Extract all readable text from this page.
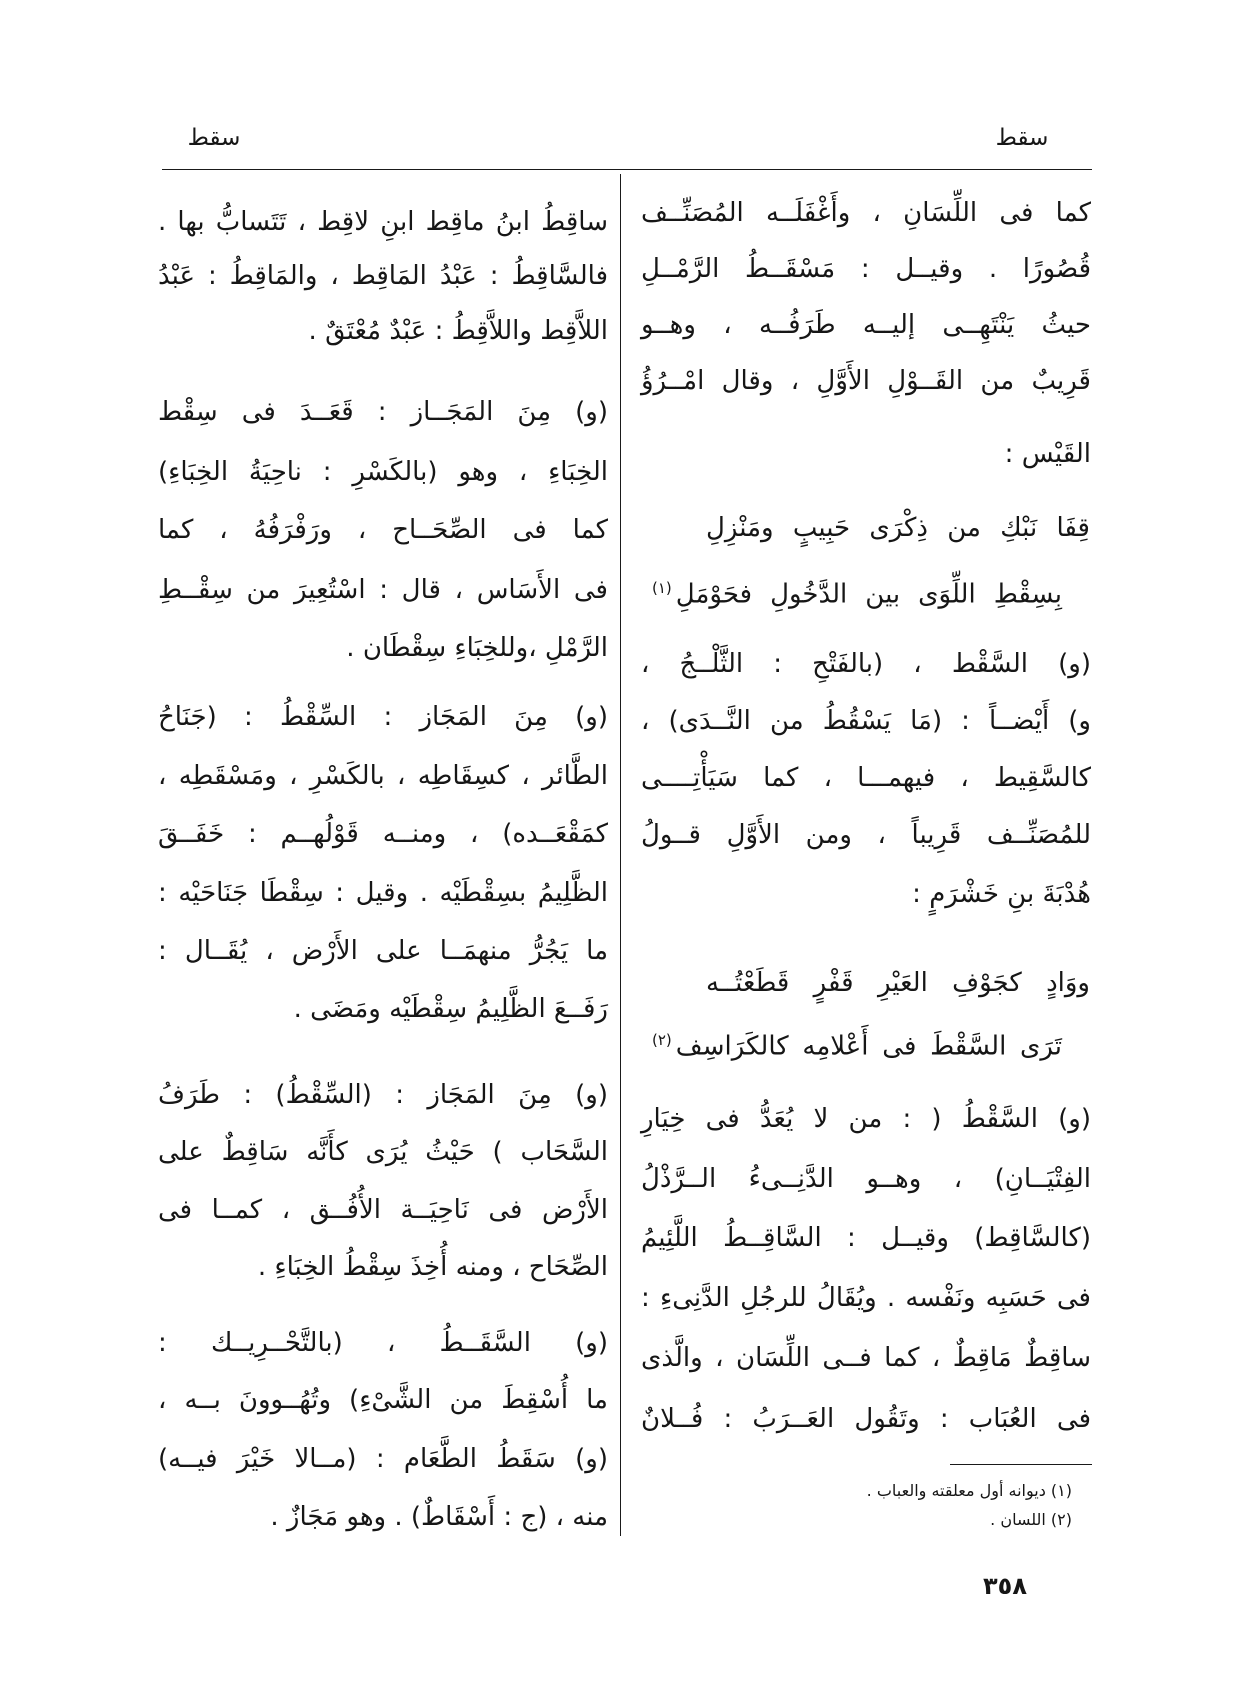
سقط
سقط
كما فى اللِّسَانِ ، وأَغْفَلَــه المُصَنِّــف
قُصُورًا . وقيــل : مَسْقَــطُ الرَّمْــلِ
حيثُ يَنْتَهِــى إليــه طَرَفُــه ، وهــو
قَرِيبٌ من القَــوْلِ الأَوَّلِ ، وقال امْــرُؤُ
القَيْس :
قِفَا نَبْكِ من ذِكْرَى حَبِيبٍ ومَنْزِلِ
بِسِقْطِ اللِّوَى بين الدَّخُولِ فحَوْمَلِ$^{(١)}$
(و) السَّقْط ، (بالفَتْحِ : الثَّلْــجُ ،
و) أَيْضــاً : (مَا يَسْقُطُ من النَّــدَى) ،
كالسَّقِيط ، فيهمـــا ، كما سَيَأْتِــــى
للمُصَنِّــف قَرِيباً ، ومن الأَوَّلِ قــولُ
هُدْبَةَ بنِ خَشْرَمٍ :
ووَادٍ كجَوْفِ العَيْرِ قَفْرٍ قَطَعْتُــه
تَرَى السَّقْطَ فى أَعْلامِه كالكَرَاسِف$^{(٢)}$
(و) السَّقْطُ ( : من لا يُعَدُّ فى خِيَارِ
الفِتْيَــانِ) ، وهــو الدَّنِــىءُ الــرَّذْلُ
(كالسَّاقِط) وقيــل : السَّاقِــطُ اللَّئِيمُ
فى حَسَبِه ونَفْسه . ويُقَالُ للرجُلِ الدَّنِىءِ :
ساقِطٌ مَاقِطٌ ، كما فــى اللِّسَان ، والَّذى
فى العُبَاب : وتَقُول العَــرَبُ : فُــلانٌ
ساقِطُ ابنُ ماقِط ابنِ لاقِط ، تَتَسابُّ بها .
فالسَّاقِطُ : عَبْدُ المَاقِط ، والمَاقِطُ : عَبْدُ
اللاَّقِط واللاَّقِطُ : عَبْدٌ مُعْتَقٌ .
(و) مِنَ المَجَــاز : قَعَــدَ فى سِقْط
الخِبَاءِ ، وهو (بالكَسْرِ : ناحِيَةُ الخِبَاءِ)
كما فى الصِّحَــاح ، ورَفْرَفُهُ ، كما
فى الأَسَاس ، قال : اسْتُعِيرَ من سِقْــطِ
الرَّمْلِ ،وللخِبَاءِ سِقْطَان .
(و) مِنَ المَجَاز : السِّقْطُ : (جَنَاحُ
الطَّائر ، كسِقَاطِه ، بالكَسْرِ ، ومَسْقَطِه ،
كمَقْعَــده) ، ومنــه قَوْلُهــم : خَفَــقَ
الظَّلِيمُ بسِقْطَيْه . وقيل : سِقْطَا جَنَاحَيْه :
ما يَجُرُّ منهمَــا على الأَرْض ، يُقَــال :
رَفَــعَ الظَّلِيمُ سِقْطَيْه ومَضَى .
(و) مِنَ المَجَاز : (السِّقْطُ) : طَرَفُ
السَّحَاب ) حَيْثُ يُرَى كأَنَّه سَاقِطٌ على
الأَرْض فى نَاحِيَــة الأُفُــق ، كمــا فى
الصِّحَاح ، ومنه أُخِذَ سِقْطُ الخِبَاءِ .
(و) السَّقَــطُ ، (بالتَّحْــرِيــك :
ما أُسْقِطَ من الشَّىْءِ) وتُهُــوونَ بــه ،
(و) سَقَطُ الطَّعَام : (مــالا خَيْرَ فيــه)
منه ، (ج : أَسْقَاطٌ) . وهو مَجَازٌ .
(١) ديوانه أول معلقته والعباب .
(٢) اللسان .
٣٥٨
